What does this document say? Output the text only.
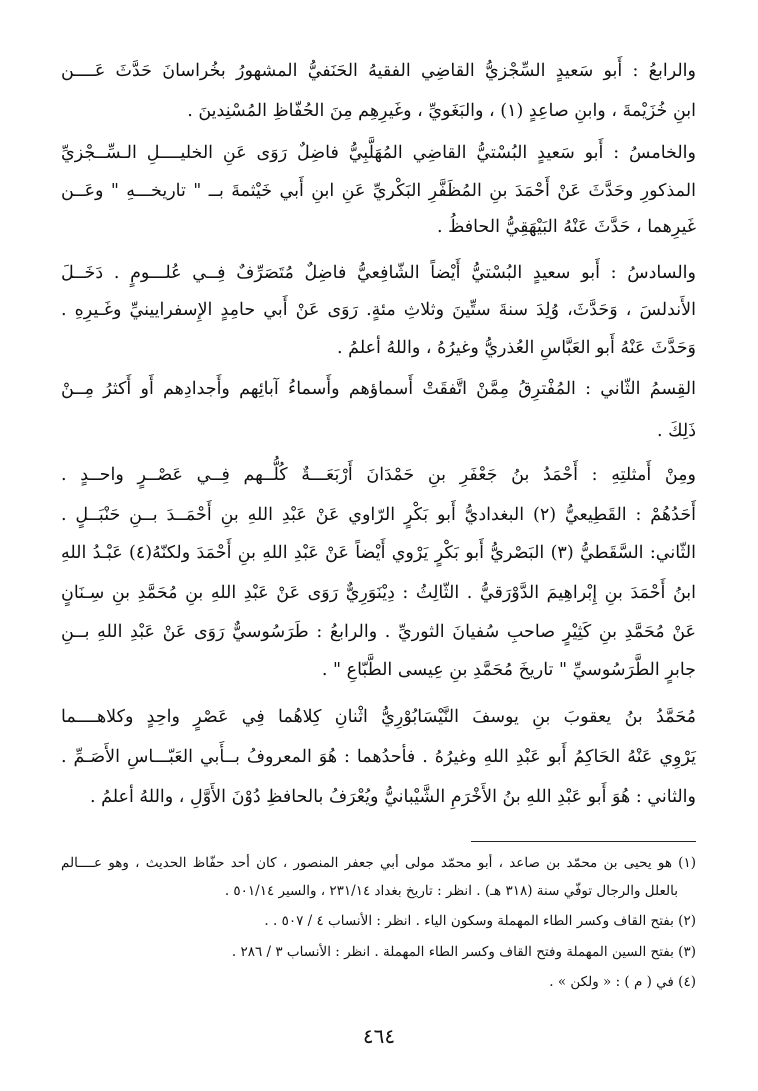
والرابعُ : أَبو سَعيدٍ السِّجْزيُّ القاضِي الفقيهُ الحَنَفيُّ المشهورُ بخُراسانَ حَدَّثَ عَــــن
ابنِ خُزَيْمةَ ، وابنِ صاعِدٍ (١) ، والبَغَويِّ ، وغَيرِهِم مِنَ الحُفّاظِ المُسْنِدينَ .
والخامسُ : أَبو سَعيدٍ البُسْتيُّ القاضِي المُهَلَّبِيُّ فاضِلٌ رَوَى عَنِ الخليــــلِ الـسِّــجْزيِّ
المذكورِ وحَدَّثَ عَنْ أَحْمَدَ بنِ المُظَفَّرِ البَكْريِّ عَنِ ابنِ أَبي خَيْثمةَ بــ " تاريخـــهِ " وعَــن
غَيرِهما ، حَدَّثَ عَنْهُ البَيْهَقِيُّ الحافظُ .
والسادسُ : أَبو سعيدٍ البُسْتيُّ أَيْضاً الشّافِعيُّ فاضِلٌ مُتَصَرِّفٌ فِــي عُلـــومٍ . دَخَــلَ
الأَندلسَ ، وَحَدَّثَ، وُلِدَ سنةَ ستِّينَ وثلاثِ مئةٍ. رَوَى عَنْ أَبي حامِدٍ الإِسفرايينيِّ وغَـيرِهِ .
وَحَدَّثَ عَنْهُ أَبو العَبَّاسِ العُذريُّ وغيرُهُ ، واللهُ أعلمُ .
القِسمُ الثّاني : المُفْترِقُ مِمَّنْ اتَّفقَتْ أَسماؤهم وأَسماءُ آبائِهم وأَجدادِهم أَو أَكثرُ مِــنْ
ذَلِكَ .
ومِنْ أَمثلتِهِ : أَحْمَدُ بنُ جَعْفَرِ بنِ حَمْدَانَ أَرْبَعَـــةٌ كُلُّــهم فِــي عَصْــرٍ واحــدٍ .
أَحَدُهُمْ : القَطِيعيُّ (٢) البغداديُّ أَبو بَكْرٍ الرّاوي عَنْ عَبْدِ اللهِ بنِ أَحْمَــدَ بــنِ حَنْبَــلٍ .
الثّاني: السَّقَطيُّ (٣) البَصْريُّ أَبو بَكْرٍ يَرْوي أَيْضاً عَنْ عَبْدِ اللهِ بنِ أَحْمَدَ ولكنّهُ(٤) عَبْـدُ اللهِ
ابنُ أَحْمَدَ بنِ إِبْراهِيمَ الدَّوْرَقيُّ . الثّالِثُ : دِيْنَوَرِيٌّ رَوَى عَنْ عَبْدِ اللهِ بنِ مُحَمَّدِ بنِ سِـنَانٍ
عَنْ مُحَمَّدِ بنِ كَثِيْرٍ صاحبِ سُفيانَ الثوريِّ . والرابعُ : طَرَسُوسيٌّ رَوَى عَنْ عَبْدِ اللهِ بــنِ
جابرٍ الطَّرَسُوسيِّ " تاريخَ مُحَمَّدِ بنِ عِيسى الطَّبّاعِ " .
مُحَمَّدُ بنُ يعقوبَ بنِ يوسفَ النَّيْسَابُوْرِيُّ اثْنانِ كِلاهُما فِي عَصْرٍ واحِدٍ وكلاهــــما
يَرْوِي عَنْهُ الحَاكِمُ أَبو عَبْدِ اللهِ وغيرُهُ . فأحدُهما : هُوَ المعروفُ بــأَبي العَبّـــاسِ الأَصَـمِّ .
والثاني : هُوَ أَبو عَبْدِ اللهِ بنُ الأَخْرَمِ الشَّيْبانيُّ ويُعْرَفُ بالحافظِ دُوْنَ الأَوَّلِ ، واللهُ أعلمُ .
(١) هو يحيى بن محمّد بن صاعد ، أبو محمّد مولى أبي جعفر المنصور ، كان أحد حفّاظ الحديث ، وهو عــــالم
بالعلل والرجال توفّي سنة (٣١٨ هـ) . انظر : تاريخ بغداد ٢٣١/١٤ ، والسير ٥٠١/١٤ .
(٢) بفتح القاف وكسر الطاء المهملة وسكون الياء . انظر : الأنساب ٤ / ٥٠٧ . .
(٣) بفتح السين المهملة وفتح القاف وكسر الطاء المهملة . انظر : الأنساب ٣ / ٢٨٦ .
(٤) في ( م ) : « ولكن » .
٤٦٤
